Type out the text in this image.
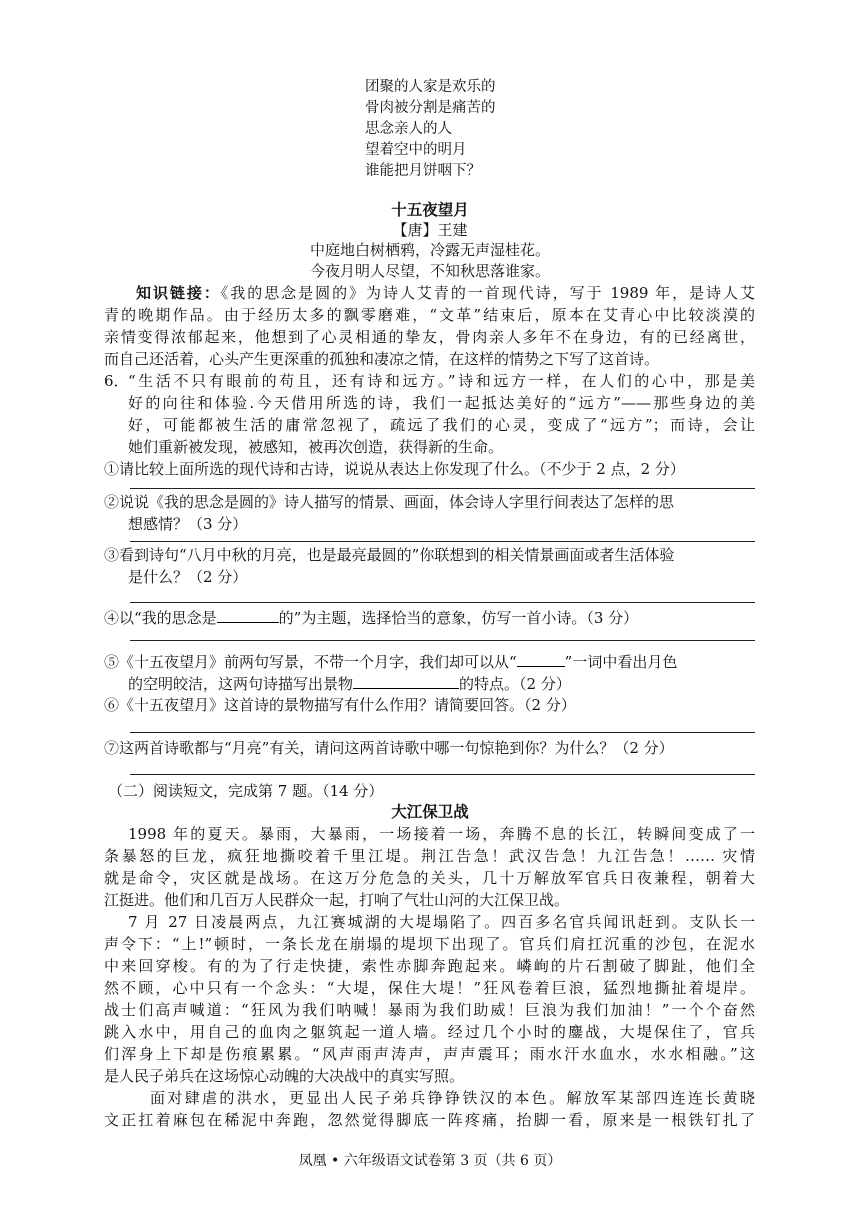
团聚的人家是欢乐的
骨肉被分割是痛苦的
思念亲人的人
望着空中的明月
谁能把月饼咽下？
十五夜望月
【唐】王建
中庭地白树栖鸦，冷露无声湿桂花。
今夜月明人尽望，不知秋思落谁家。
知识链接：《我的思念是圆的》为诗人艾青的一首现代诗，写于 1989 年，是诗人艾
青的晚期作品。由于经历太多的飘零磨难，“文革”结束后，原本在艾青心中比较淡漠的
亲情变得浓郁起来，他想到了心灵相通的挚友，骨肉亲人多年不在身边，有的已经离世，
而自己还活着，心头产生更深重的孤独和凄凉之情，在这样的情势之下写了这首诗。
6． “生活不只有眼前的苟且，还有诗和远方。”诗和远方一样，在人们的心中，那是美
好的向往和体验.今天借用所选的诗，我们一起抵达美好的“远方”——那些身边的美
好，可能都被生活的庸常忽视了，疏远了我们的心灵，变成了“远方”；而诗，会让
她们重新被发现，被感知，被再次创造，获得新的生命。
①请比较上面所选的现代诗和古诗，说说从表达上你发现了什么。（不少于 2 点，2 分）
②说说《我的思念是圆的》诗人描写的情景、画面，体会诗人字里行间表达了怎样的思
想感情？（3 分）
③看到诗句“八月中秋的月亮，也是最亮最圆的”你联想到的相关情景画面或者生活体验
是什么？（2 分）
④以“我的思念是	的”为主题，选择恰当的意象，仿写一首小诗。（3 分）
⑤《十五夜望月》前两句写景，不带一个月字，我们却可以从“	”一词中看出月色
的空明皎洁，这两句诗描写出景物	的特点。（2 分）
⑥《十五夜望月》这首诗的景物描写有什么作用？请简要回答。（2 分）
⑦这两首诗歌都与“月亮”有关，请问这两首诗歌中哪一句惊艳到你？为什么？（2 分）
（二）阅读短文，完成第 7 题。（14 分）
大江保卫战
1998 年的夏天。暴雨，大暴雨，一场接着一场，奔腾不息的长江，转瞬间变成了一
条暴怒的巨龙，疯狂地撕咬着千里江堤。荆江告急！武汉告急！九江告急！…… 灾情
就是命令，灾区就是战场。在这万分危急的关头，几十万解放军官兵日夜兼程，朝着大
江挺进。他们和几百万人民群众一起，打响了气壮山河的大江保卫战。
7 月 27 日凌晨两点，九江赛城湖的大堤塌陷了。四百多名官兵闻讯赶到。支队长一
声令下：“上!”顿时，一条长龙在崩塌的堤坝下出现了。官兵们肩扛沉重的沙包，在泥水
中来回穿梭。有的为了行走快捷，索性赤脚奔跑起来。嶙峋的片石割破了脚趾，他们全
然不顾，心中只有一个念头：“大堤，保住大堤！”狂风卷着巨浪，猛烈地撕扯着堤岸。
战士们高声喊道：“狂风为我们呐喊！暴雨为我们助威！巨浪为我们加油！”一个个奋然
跳入水中，用自己的血肉之躯筑起一道人墙。经过几个小时的鏖战，大堤保住了，官兵
们浑身上下却是伤痕累累。“风声雨声涛声，声声震耳；雨水汗水血水，水水相融。”这
是人民子弟兵在这场惊心动魄的大决战中的真实写照。
面对肆虐的洪水，更显出人民子弟兵铮铮铁汉的本色。解放军某部四连连长黄晓
文正扛着麻包在稀泥中奔跑，忽然觉得脚底一阵疼痛，抬脚一看，原来是一根铁钉扎了
凤凰 • 六年级语文试卷第 3 页（共 6 页）
